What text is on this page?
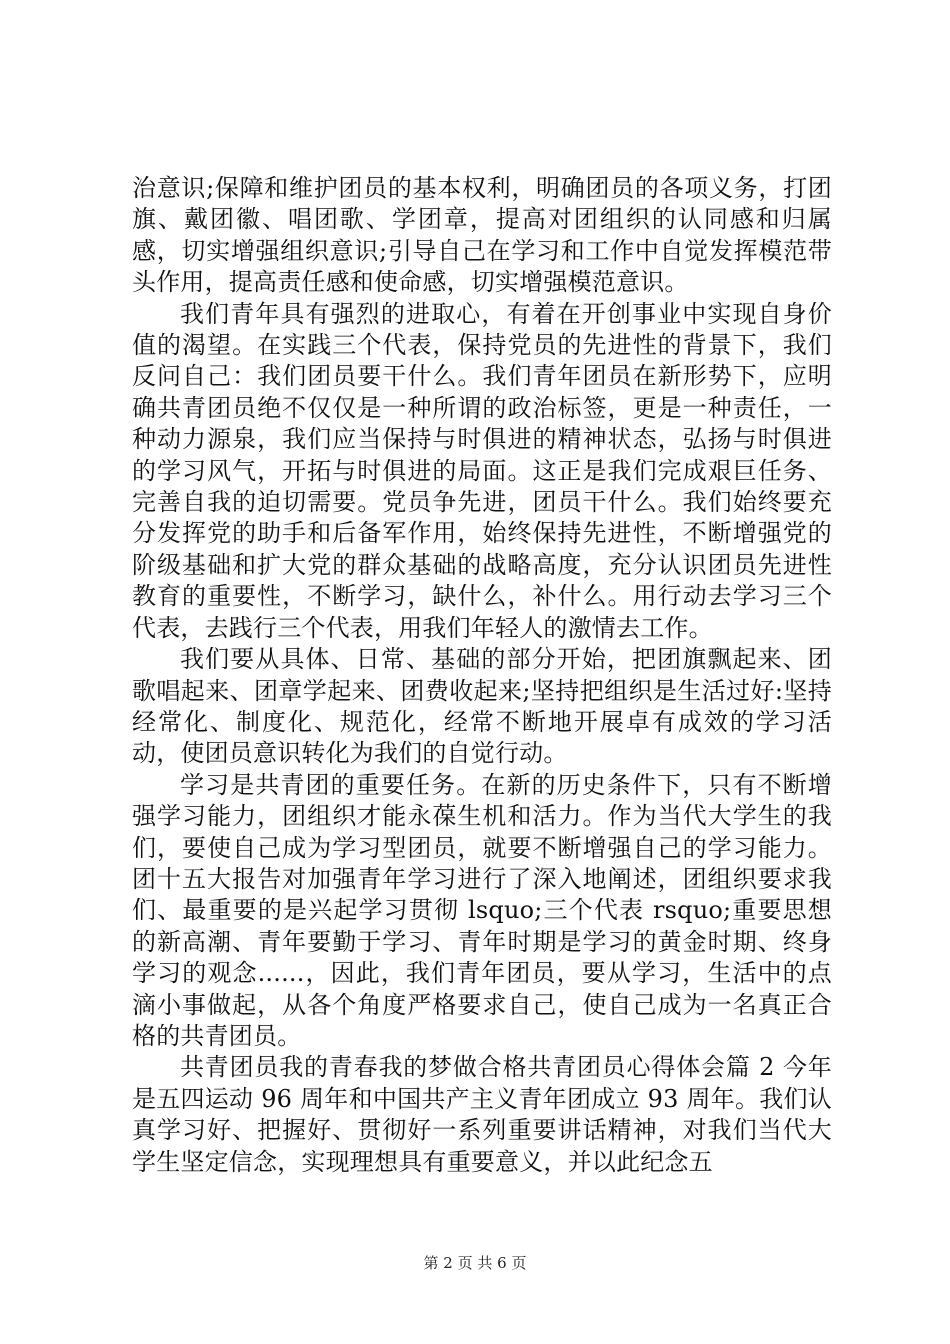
治意识;保障和维护团员的基本权利，明确团员的各项义务，打团旗、戴团徽、唱团歌、学团章，提高对团组织的认同感和归属感，切实增强组织意识;引导自己在学习和工作中自觉发挥模范带头作用，提高责任感和使命感，切实增强模范意识。

我们青年具有强烈的进取心，有着在开创事业中实现自身价值的渴望。在实践三个代表，保持党员的先进性的背景下，我们反问自己：我们团员要干什么。我们青年团员在新形势下，应明确共青团员绝不仅仅是一种所谓的政治标签，更是一种责任，一种动力源泉，我们应当保持与时俱进的精神状态，弘扬与时俱进的学习风气，开拓与时俱进的局面。这正是我们完成艰巨任务、完善自我的迫切需要。党员争先进，团员干什么。我们始终要充分发挥党的助手和后备军作用，始终保持先进性，不断增强党的阶级基础和扩大党的群众基础的战略高度，充分认识团员先进性教育的重要性，不断学习，缺什么，补什么。用行动去学习三个代表，去践行三个代表，用我们年轻人的激情去工作。

我们要从具体、日常、基础的部分开始，把团旗飘起来、团歌唱起来、团章学起来、团费收起来;坚持把组织是生活过好:坚持经常化、制度化、规范化，经常不断地开展卓有成效的学习活动，使团员意识转化为我们的自觉行动。

学习是共青团的重要任务。在新的历史条件下，只有不断增强学习能力，团组织才能永葆生机和活力。作为当代大学生的我们，要使自己成为学习型团员，就要不断增强自己的学习能力。团十五大报告对加强青年学习进行了深入地阐述，团组织要求我们、最重要的是兴起学习贯彻 lsquo;三个代表 rsquo;重要思想的新高潮、青年要勤于学习、青年时期是学习的黄金时期、终身学习的观念......，因此，我们青年团员，要从学习，生活中的点滴小事做起，从各个角度严格要求自己，使自己成为一名真正合格的共青团员。

共青团员我的青春我的梦做合格共青团员心得体会篇 2 今年是五四运动 96 周年和中国共产主义青年团成立 93 周年。我们认真学习好、把握好、贯彻好一系列重要讲话精神，对我们当代大学生坚定信念，实现理想具有重要意义，并以此纪念五

第 2 页 共 6 页
